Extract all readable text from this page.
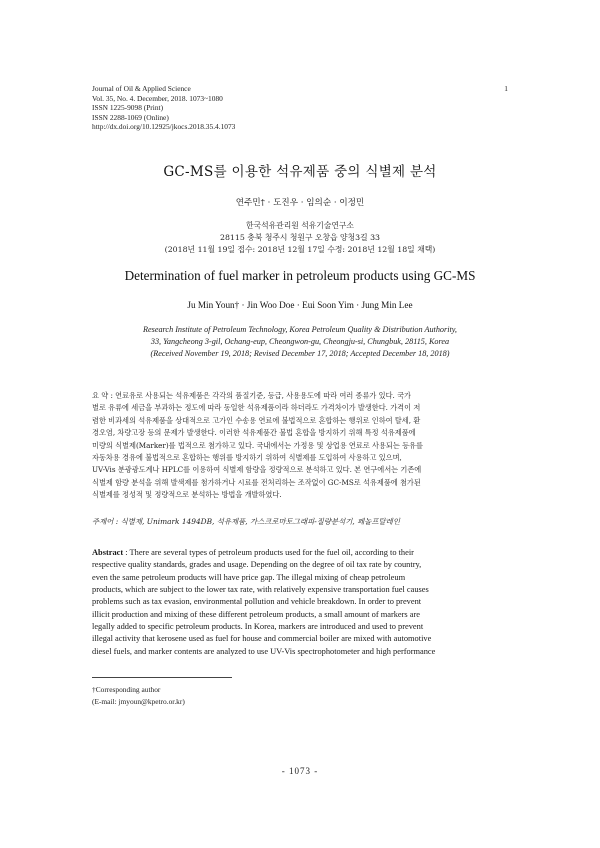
Journal of Oil & Applied Science
Vol. 35, No. 4. December, 2018. 1073~1080
ISSN 1225-9098 (Print)
ISSN 2288-1069 (Online)
http://dx.doi.org/10.12925/jkocs.2018.35.4.1073
1
GC-MS를 이용한 석유제품 중의 식별제 분석
연주민† · 도진우 · 임의순 · 이정민
한국석유관리원 석유기술연구소
28115 충북 청주시 청원구 오창읍 양청3길 33
(2018년 11월 19일 접수: 2018년 12월 17일 수정: 2018년 12월 18일 채택)
Determination of fuel marker in petroleum products using GC-MS
Ju Min Youn† · Jin Woo Doe · Eui Soon Yim · Jung Min Lee
Research Institute of Petroleum Technology, Korea Petroleum Quality & Distribution Authority,
33, Yangcheong 3-gil, Ochang-eup, Cheongwon-gu, Cheongju-si, Chungbuk, 28115, Korea
(Received November 19, 2018; Revised December 17, 2018; Accepted December 18, 2018)
요 약 : 연료유로 사용되는 석유제품은 각각의 품질기준, 등급, 사용용도에 따라 여러 종류가 있다. 국가
별로 유류에 세금을 부과하는 정도에 따라 동일한 석유제품이라 하더라도 가격차이가 발생한다. 가격이 저
렴한 비과세의 석유제품을 상대적으로 고가인 수송용 연료에 불법적으로 혼합하는 행위로 인하여 탈세, 환
경오염, 차량고장 등의 문제가 발생한다. 이러한 석유제품간 불법 혼합을 방지하기 위해 특정 석유제품에
미량의 식별제(Marker)를 법적으로 첨가하고 있다. 국내에서는 가정용 및 상업용 연료로 사용되는 등유를
자동차용 경유에 불법적으로 혼합하는 행위를 방지하기 위하여 식별제를 도입하여 사용하고 있으며,
UV-Vis 분광광도계나 HPLC를 이용하여 식별제 함량을 정량적으로 분석하고 있다. 본 연구에서는 기존에
식별제 함량 분석을 위해 발색제를 첨가하거나 시료를 전처리하는 조작없이 GC-MS로 석유제품에 첨가된
식별제를 정성적 및 정량적으로 분석하는 방법을 개발하였다.
주제어 : 식별제, Unimark 1494DB, 석유제품, 가스크로마토그래피-질량분석기, 페놀프탈레인
Abstract : There are several types of petroleum products used for the fuel oil, according to their
respective quality standards, grades and usage. Depending on the degree of oil tax rate by country,
even the same petroleum products will have price gap. The illegal mixing of cheap petroleum
products, which are subject to the lower tax rate, with relatively expensive transportation fuel causes
problems such as tax evasion, environmental pollution and vehicle breakdown. In order to prevent
illicit production and mixing of these different petroleum products, a small amount of markers are
legally added to specific petroleum products. In Korea, markers are introduced and used to prevent
illegal activity that kerosene used as fuel for house and commercial boiler are mixed with automotive
diesel fuels, and marker contents are analyzed to use UV-Vis spectrophotometer and high performance
†Corresponding author
(E-mail: jmyoun@kpetro.or.kr)
- 1073 -
